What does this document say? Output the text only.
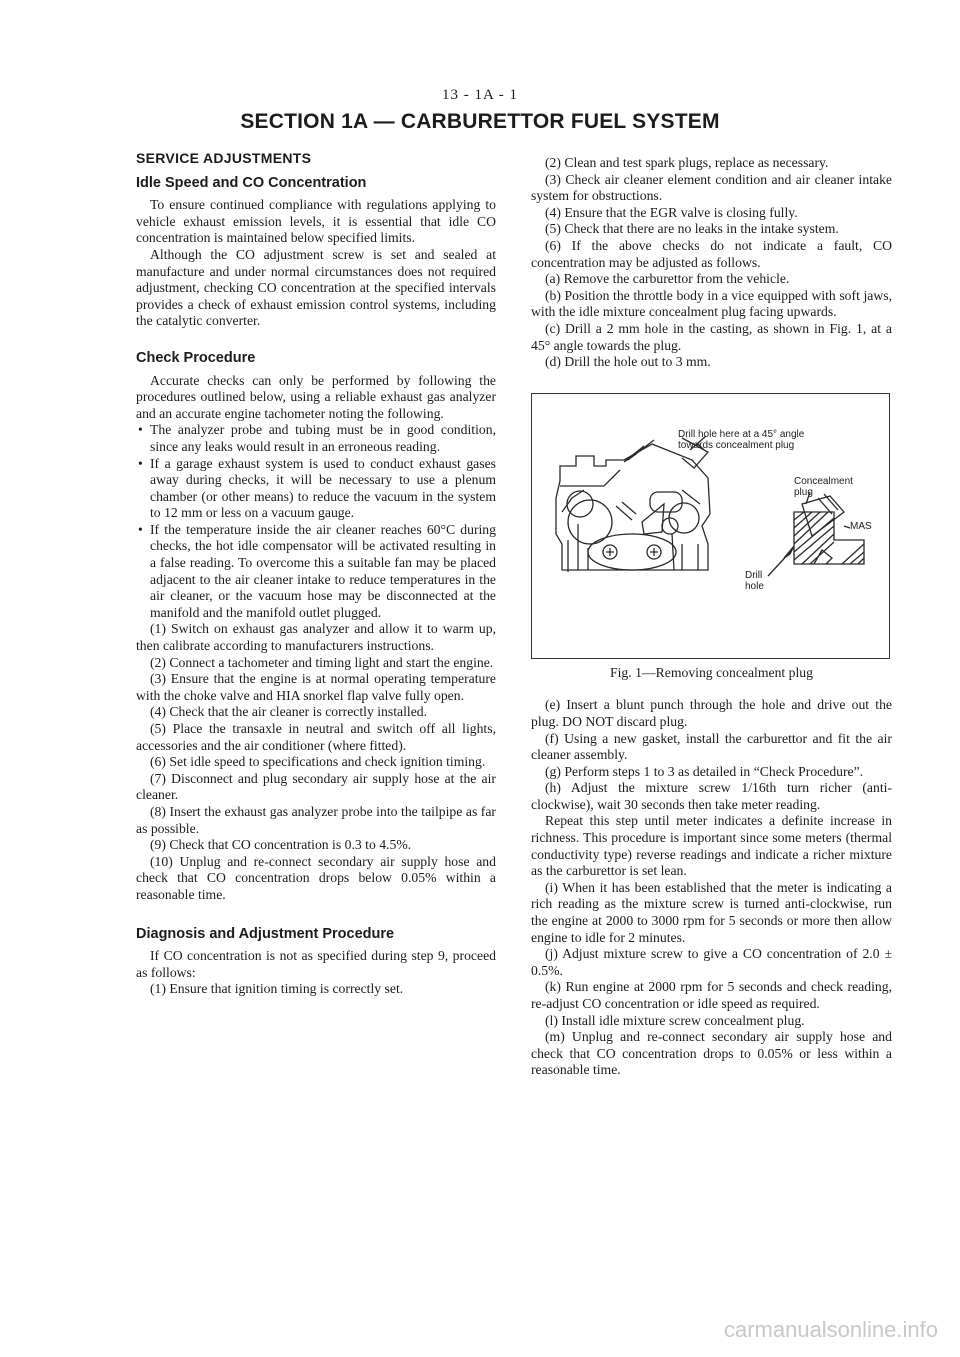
13 - 1A - 1
SECTION 1A — CARBURETTOR FUEL SYSTEM
SERVICE ADJUSTMENTS
Idle Speed and CO Concentration

To ensure continued compliance with regulations applying to vehicle exhaust emission levels, it is essential that idle CO concentration is maintained below specified limits.

Although the CO adjustment screw is set and sealed at manufacture and under normal circumstances does not required adjustment, checking CO concentration at the specified intervals provides a check of exhaust emission control systems, including the catalytic converter.

Check Procedure

Accurate checks can only be performed by following the procedures outlined below, using a reliable exhaust gas analyzer and an accurate engine tachometer noting the following.

• The analyzer probe and tubing must be in good condition, since any leaks would result in an erroneous reading.
• If a garage exhaust system is used to conduct exhaust gases away during checks, it will be necessary to use a plenum chamber (or other means) to reduce the vacuum in the system to 12 mm or less on a vacuum gauge.
• If the temperature inside the air cleaner reaches 60°C during checks, the hot idle compensator will be activated resulting in a false reading. To overcome this a suitable fan may be placed adjacent to the air cleaner intake to reduce temperatures in the air cleaner, or the vacuum hose may be disconnected at the manifold and the manifold outlet plugged.

(1) Switch on exhaust gas analyzer and allow it to warm up, then calibrate according to manufacturers instructions.

(2) Connect a tachometer and timing light and start the engine.

(3) Ensure that the engine is at normal operating temperature with the choke valve and HIA snorkel flap valve fully open.

(4) Check that the air cleaner is correctly installed.

(5) Place the transaxle in neutral and switch off all lights, accessories and the air conditioner (where fitted).

(6) Set idle speed to specifications and check ignition timing.

(7) Disconnect and plug secondary air supply hose at the air cleaner.

(8) Insert the exhaust gas analyzer probe into the tailpipe as far as possible.

(9) Check that CO concentration is 0.3 to 4.5%.

(10) Unplug and re-connect secondary air supply hose and check that CO concentration drops below 0.05% within a reasonable time.

Diagnosis and Adjustment Procedure

If CO concentration is not as specified during step 9, proceed as follows:

(1) Ensure that ignition timing is correctly set.

(2) Clean and test spark plugs, replace as necessary.

(3) Check air cleaner element condition and air cleaner intake system for obstructions.

(4) Ensure that the EGR valve is closing fully.

(5) Check that there are no leaks in the intake system.

(6) If the above checks do not indicate a fault, CO concentration may be adjusted as follows.

(a) Remove the carburettor from the vehicle.

(b) Position the throttle body in a vice equipped with soft jaws, with the idle mixture concealment plug facing upwards.

(c) Drill a 2 mm hole in the casting, as shown in Fig. 1, at a 45° angle towards the plug.

(d) Drill the hole out to 3 mm.

Drill hole here at a 45° angle
towards concealment plug
Concealment
plug
Drill
hole
MAS

Fig. 1—Removing concealment plug

(e) Insert a blunt punch through the hole and drive out the plug. DO NOT discard plug.

(f) Using a new gasket, install the carburettor and fit the air cleaner assembly.

(g) Perform steps 1 to 3 as detailed in “Check Procedure”.

(h) Adjust the mixture screw 1/16th turn richer (anti-clockwise), wait 30 seconds then take meter reading.

Repeat this step until meter indicates a definite increase in richness. This procedure is important since some meters (thermal conductivity type) reverse readings and indicate a richer mixture as the carburettor is set lean.

(i) When it has been established that the meter is indicating a rich reading as the mixture screw is turned anti-clockwise, run the engine at 2000 to 3000 rpm for 5 seconds or more then allow engine to idle for 2 minutes.

(j) Adjust mixture screw to give a CO concentration of 2.0 ± 0.5%.

(k) Run engine at 2000 rpm for 5 seconds and check reading, re-adjust CO concentration or idle speed as required.

(l) Install idle mixture screw concealment plug.

(m) Unplug and re-connect secondary air supply hose and check that CO concentration drops to 0.05% or less within a reasonable time.

carmanualsonline.info
